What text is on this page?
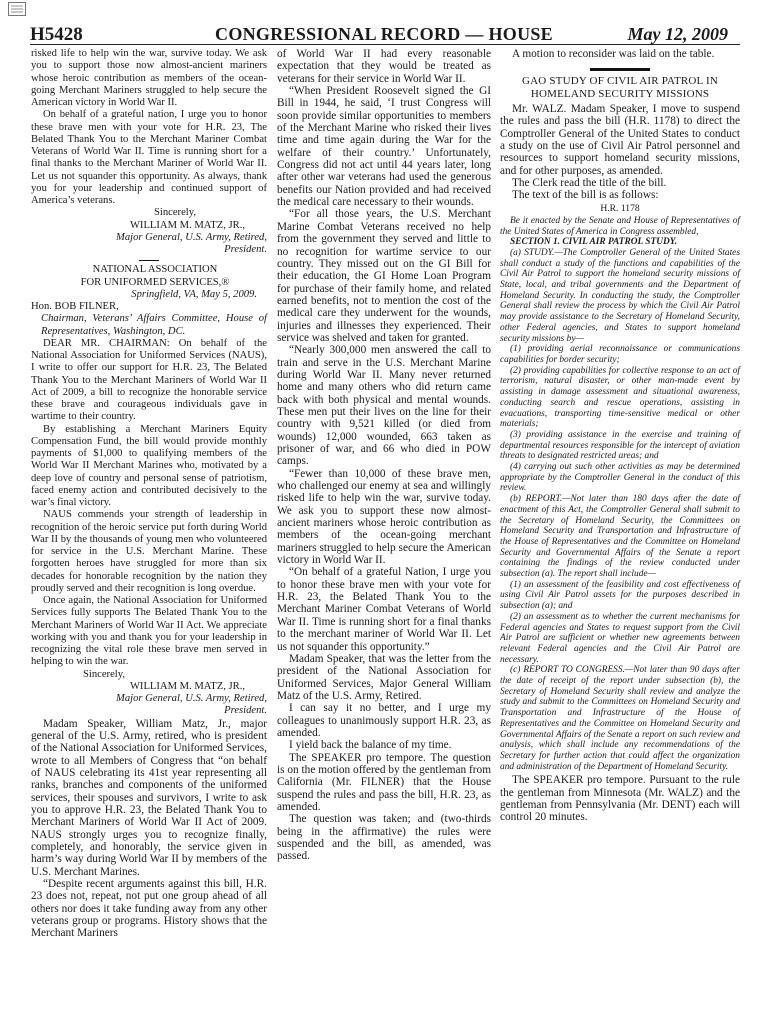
H5428	CONGRESSIONAL RECORD — HOUSE	May 12, 2009

risked life to help win the war, survive today. We ask you to support those now almost-ancient mariners whose heroic contribution as members of the ocean-going Merchant Mariners struggled to help secure the American victory in World War II.

On behalf of a grateful nation, I urge you to honor these brave men with your vote for H.R. 23, The Belated Thank You to the Merchant Mariner Combat Veterans of World War II. Time is running short for a final thanks to the Merchant Mariner of World War II. Let us not squander this opportunity. As always, thank you for your leadership and continued support of America’s veterans.

Sincerely,

WILLIAM M. MATZ, JR.,

Major General, U.S. Army, Retired,

President.

NATIONAL ASSOCIATION

FOR UNIFORMED SERVICES,®

Springfield, VA, May 5, 2009.

Hon. BOB FILNER,

Chairman, Veterans’ Affairs Committee, House of Representatives, Washington, DC.

DEAR MR. CHAIRMAN: On behalf of the National Association for Uniformed Services (NAUS), I write to offer our support for H.R. 23, The Belated Thank You to the Merchant Mariners of World War II Act of 2009, a bill to recognize the honorable service these brave and courageous individuals gave in wartime to their country.

By establishing a Merchant Mariners Equity Compensation Fund, the bill would provide monthly payments of $1,000 to qualifying members of the World War II Merchant Marines who, motivated by a deep love of country and personal sense of patriotism, faced enemy action and contributed decisively to the war’s final victory.

NAUS commends your strength of leadership in recognition of the heroic service put forth during World War II by the thousands of young men who volunteered for service in the U.S. Merchant Marine. These forgotten heroes have struggled for more than six decades for honorable recognition by the nation they proudly served and their recognition is long overdue.

Once again, the National Association for Uniformed Services fully supports The Belated Thank You to the Merchant Mariners of World War II Act. We appreciate working with you and thank you for your leadership in recognizing the vital role these brave men served in helping to win the war.

Sincerely,

WILLIAM M. MATZ, JR.,

Major General, U.S. Army, Retired,

President.

Madam Speaker, William Matz, Jr., major general of the U.S. Army, retired, who is president of the National Association for Uniformed Services, wrote to all Members of Congress that “on behalf of NAUS celebrating its 41st year representing all ranks, branches and components of the uniformed services, their spouses and survivors, I write to ask you to approve H.R. 23, the Belated Thank You to Merchant Mariners of World War II Act of 2009. NAUS strongly urges you to recognize finally, completely, and honorably, the service given in harm’s way during World War II by members of the U.S. Merchant Marines.

“Despite recent arguments against this bill, H.R. 23 does not, repeat, not put one group ahead of all others nor does it take funding away from any other veterans group or programs. History shows that the Merchant Mariners

of World War II had every reasonable expectation that they would be treated as veterans for their service in World War II.

“When President Roosevelt signed the GI Bill in 1944, he said, ‘I trust Congress will soon provide similar opportunities to members of the Merchant Marine who risked their lives time and time again during the War for the welfare of their country.’ Unfortunately, Congress did not act until 44 years later, long after other war veterans had used the generous benefits our Nation provided and had received the medical care necessary to their wounds.

“For all those years, the U.S. Merchant Marine Combat Veterans received no help from the government they served and little to no recognition for wartime service to our country. They missed out on the GI Bill for their education, the GI Home Loan Program for purchase of their family home, and related earned benefits, not to mention the cost of the medical care they underwent for the wounds, injuries and illnesses they experienced. Their service was shelved and taken for granted.

“Nearly 300,000 men answered the call to train and serve in the U.S. Merchant Marine during World War II. Many never returned home and many others who did return came back with both physical and mental wounds. These men put their lives on the line for their country with 9,521 killed (or died from wounds) 12,000 wounded, 663 taken as prisoner of war, and 66 who died in POW camps.

“Fewer than 10,000 of these brave men, who challenged our enemy at sea and willingly risked life to help win the war, survive today. We ask you to support these now almost-ancient mariners whose heroic contribution as members of the ocean-going merchant mariners struggled to help secure the American victory in World War II.

“On behalf of a grateful Nation, I urge you to honor these brave men with your vote for H.R. 23, the Belated Thank You to the Merchant Mariner Combat Veterans of World War II. Time is running short for a final thanks to the merchant mariner of World War II. Let us not squander this opportunity.”

Madam Speaker, that was the letter from the president of the National Association for Uniformed Services, Major General William Matz of the U.S. Army, Retired.

I can say it no better, and I urge my colleagues to unanimously support H.R. 23, as amended.

I yield back the balance of my time.

The SPEAKER pro tempore. The question is on the motion offered by the gentleman from California (Mr. FILNER) that the House suspend the rules and pass the bill, H.R. 23, as amended.

The question was taken; and (two-thirds being in the affirmative) the rules were suspended and the bill, as amended, was passed.

A motion to reconsider was laid on the table.

GAO STUDY OF CIVIL AIR PATROL IN HOMELAND SECURITY MISSIONS

Mr. WALZ. Madam Speaker, I move to suspend the rules and pass the bill (H.R. 1178) to direct the Comptroller General of the United States to conduct a study on the use of Civil Air Patrol personnel and resources to support homeland security missions, and for other purposes, as amended.

The Clerk read the title of the bill.

The text of the bill is as follows:

H.R. 1178

Be it enacted by the Senate and House of Representatives of the United States of America in Congress assembled,

SECTION 1. CIVIL AIR PATROL STUDY.

(a) STUDY.—The Comptroller General of the United States shall conduct a study of the functions and capabilities of the Civil Air Patrol to support the homeland security missions of State, local, and tribal governments and the Department of Homeland Security. In conducting the study, the Comptroller General shall review the process by which the Civil Air Patrol may provide assistance to the Secretary of Homeland Security, other Federal agencies, and States to support homeland security missions by—

(1) providing aerial reconnaissance or communications capabilities for border security;

(2) providing capabilities for collective response to an act of terrorism, natural disaster, or other man-made event by assisting in damage assessment and situational awareness, conducting search and rescue operations, assisting in evacuations, transporting time-sensitive medical or other materials;

(3) providing assistance in the exercise and training of departmental resources responsible for the intercept of aviation threats to designated restricted areas; and

(4) carrying out such other activities as may be determined appropriate by the Comptroller General in the conduct of this review.

(b) REPORT.—Not later than 180 days after the date of enactment of this Act, the Comptroller General shall submit to the Secretary of Homeland Security, the Committees on Homeland Security and Transportation and Infrastructure of the House of Representatives and the Committee on Homeland Security and Governmental Affairs of the Senate a report containing the findings of the review conducted under subsection (a). The report shall include—

(1) an assessment of the feasibility and cost effectiveness of using Civil Air Patrol assets for the purposes described in subsection (a); and

(2) an assessment as to whether the current mechanisms for Federal agencies and States to request support from the Civil Air Patrol are sufficient or whether new agreements between relevant Federal agencies and the Civil Air Patrol are necessary.

(c) REPORT TO CONGRESS.—Not later than 90 days after the date of receipt of the report under subsection (b), the Secretary of Homeland Security shall review and analyze the study and submit to the Committees on Homeland Security and Transportation and Infrastructure of the House of Representatives and the Committee on Homeland Security and Governmental Affairs of the Senate a report on such review and analysis, which shall include any recommendations of the Secretary for further action that could affect the organization and administration of the Department of Homeland Security.

The SPEAKER pro tempore. Pursuant to the rule the gentleman from Minnesota (Mr. WALZ) and the gentleman from Pennsylvania (Mr. DENT) each will control 20 minutes.
